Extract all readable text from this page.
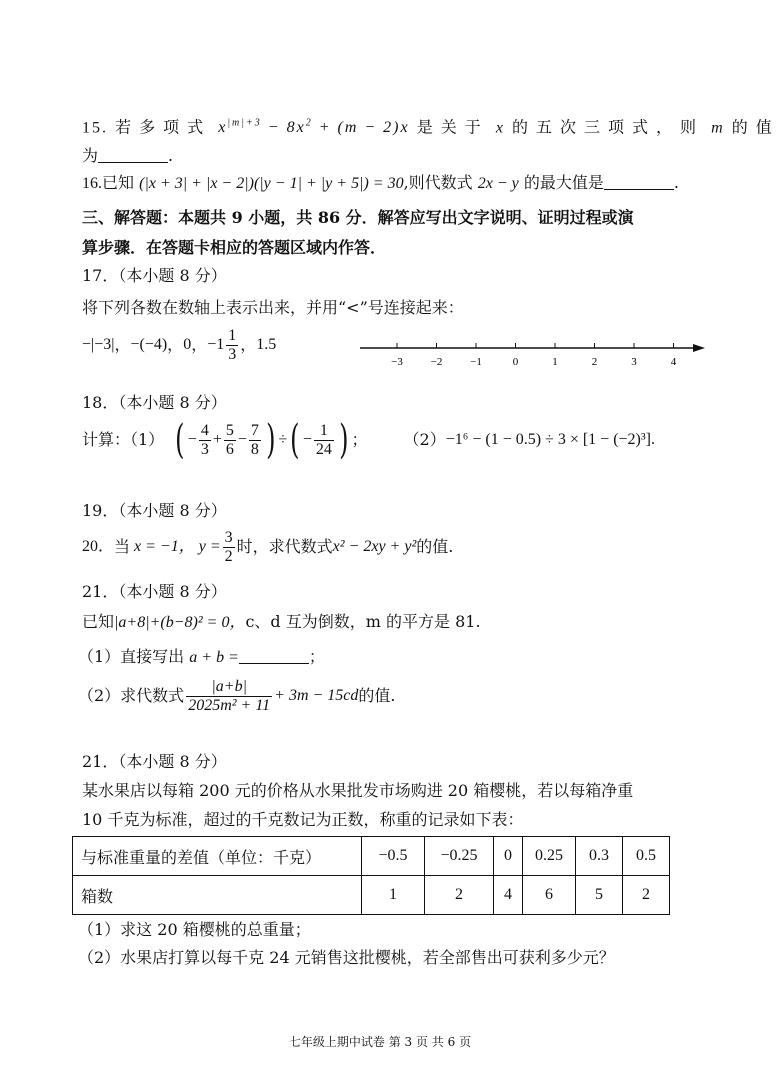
15. 若多项式 $x^{|m|+3} - 8x^2 + (m - 2)x$ 是关于 x 的五次三项式，则 m 的值
为	.
16.已知 (|x + 3| + |x − 2|)(|y − 1| + |y + 5|) = 30,则代数式 2x − y 的最大值是	.
三、解答题：本题共 9 小题，共 86 分．解答应写出文字说明、证明过程或演
算步骤．在答题卡相应的答题区域内作答．
17．（本小题 8 分）
将下列各数在数轴上表示出来，并用“<”号连接起来：
−|−3| ， −(−4) ， 0 ， $-1 \frac{1}{3}$ ， 1.5
−3	−2	−1	0	1	2	3	4
18．（本小题 8 分）
计算：（1） ( − $\frac{4}{3} + \frac{5}{6} - \frac{7}{8}$ ) ÷ ( − $\frac{1}{24}$ ) ； （2） −1⁶ − (1 − 0.5) ÷ 3 × [1 − (−2)³].
19．（本小题 8 分）
20． 当 x = −1， $y = \frac{3}{2}$ 时，求代数式 x² − 2xy + y² 的值.
21．（本小题 8 分）
已知|a+8|+(b−8)² = 0，c、d 互为倒数，m 的平方是 81.
（1）直接写出 a + b =	；
（2）求代数式 $\frac{|a+b|}{\text{2025m² + 11}} + 3m - 15cd$ 的值.
21．（本小题 8 分）
某水果店以每箱 200 元的价格从水果批发市场购进 20 箱樱桃，若以每箱净重
10 千克为标准，超过的千克数记为正数，称重的记录如下表：
与标准重量的差值（单位：千克）	−0.5	−0.25	0	0.25	0.3	0.5
箱数	1	2	4	6	5	2
（1）求这 20 箱樱桃的总重量；
（2）水果店打算以每千克 24 元销售这批樱桃，若全部售出可获利多少元？
七年级上期中试卷 第 3 页 共 6 页
